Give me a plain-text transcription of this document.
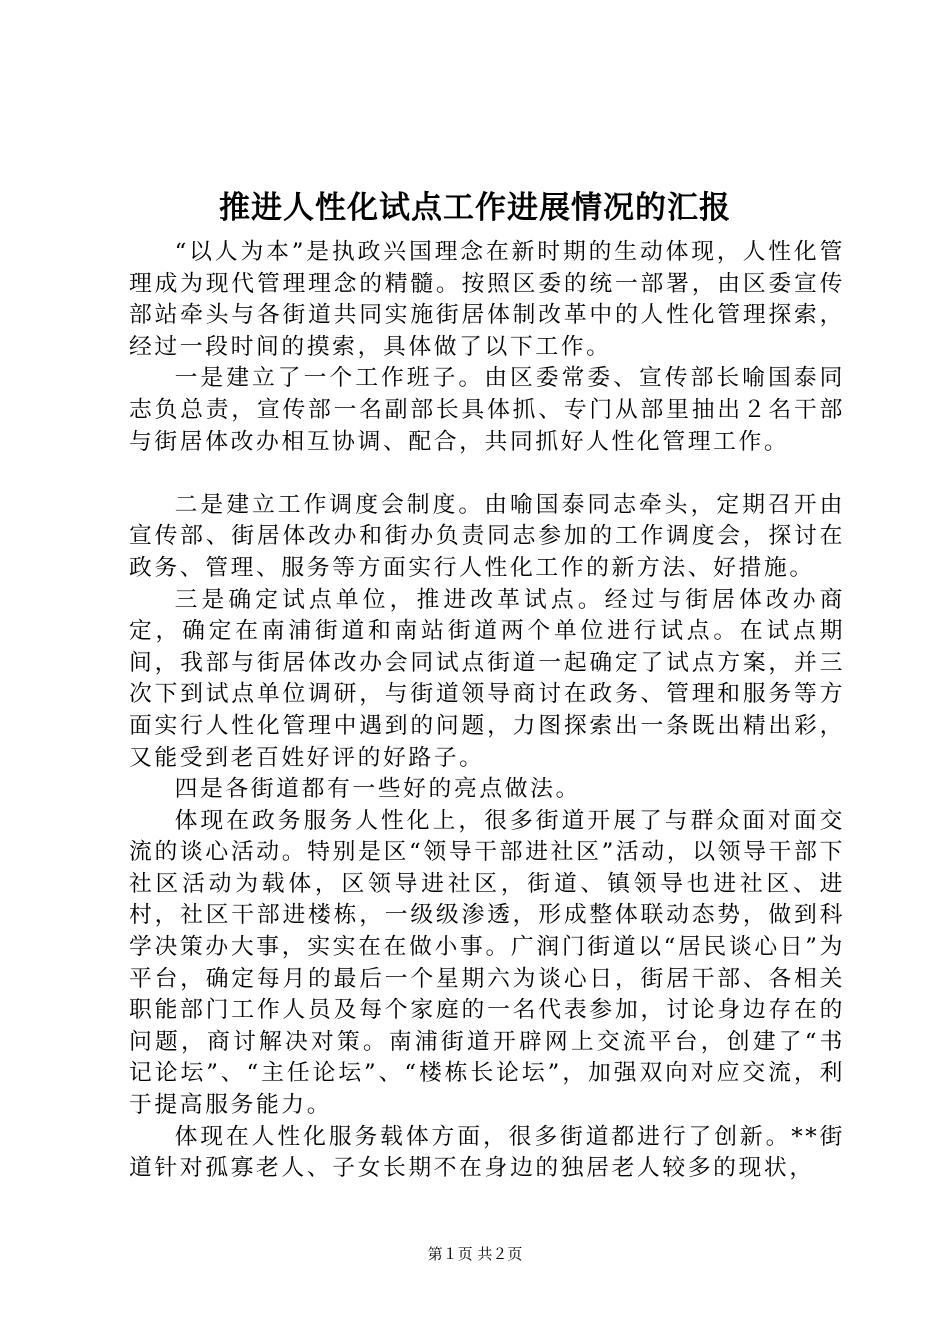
推进人性化试点工作进展情况的汇报

“以人为本”是执政兴国理念在新时期的生动体现，人性化管理成为现代管理理念的精髓。按照区委的统一部署，由区委宣传部站牵头与各街道共同实施街居体制改革中的人性化管理探索，经过一段时间的摸索，具体做了以下工作。

一是建立了一个工作班子。由区委常委、宣传部长喻国泰同志负总责，宣传部一名副部长具体抓、专门从部里抽出２名干部与街居体改办相互协调、配合，共同抓好人性化管理工作。

二是建立工作调度会制度。由喻国泰同志牵头，定期召开由宣传部、街居体改办和街办负责同志参加的工作调度会，探讨在政务、管理、服务等方面实行人性化工作的新方法、好措施。

三是确定试点单位，推进改革试点。经过与街居体改办商定，确定在南浦街道和南站街道两个单位进行试点。在试点期间，我部与街居体改办会同试点街道一起确定了试点方案，并三次下到试点单位调研，与街道领导商讨在政务、管理和服务等方面实行人性化管理中遇到的问题，力图探索出一条既出精出彩，又能受到老百姓好评的好路子。

四是各街道都有一些好的亮点做法。

体现在政务服务人性化上，很多街道开展了与群众面对面交流的谈心活动。特别是区“领导干部进社区”活动，以领导干部下社区活动为载体，区领导进社区，街道、镇领导也进社区、进村，社区干部进楼栋，一级级渗透，形成整体联动态势，做到科学决策办大事，实实在在做小事。广润门街道以“居民谈心日”为平台，确定每月的最后一个星期六为谈心日，街居干部、各相关职能部门工作人员及每个家庭的一名代表参加，讨论身边存在的问题，商讨解决对策。南浦街道开辟网上交流平台，创建了“书记论坛”、“主任论坛”、“楼栋长论坛”，加强双向对应交流，利于提高服务能力。

体现在人性化服务载体方面，很多街道都进行了创新。**街道针对孤寡老人、子女长期不在身边的独居老人较多的现状，

第１页 共２页
